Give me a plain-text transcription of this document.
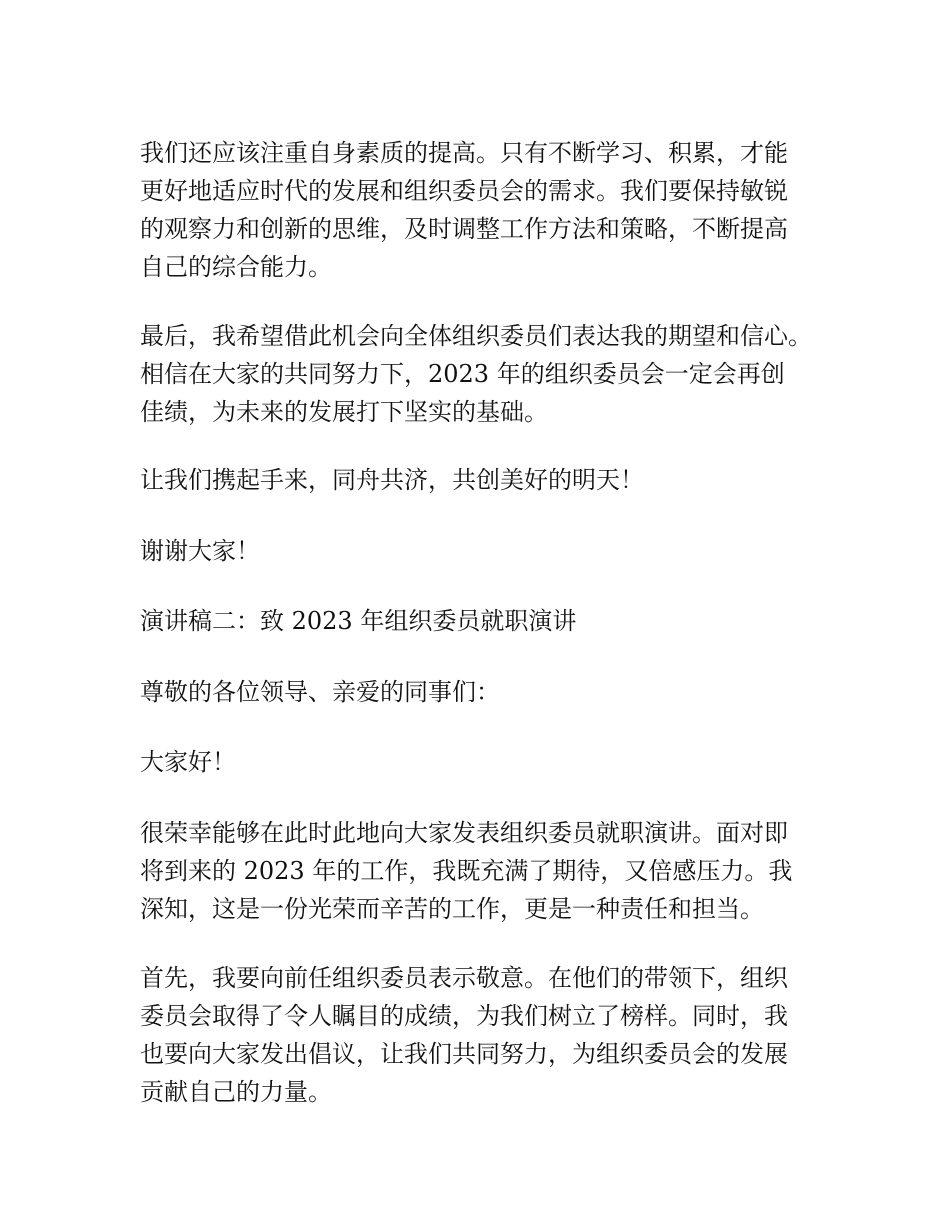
我们还应该注重自身素质的提高。只有不断学习、积累，才能
更好地适应时代的发展和组织委员会的需求。我们要保持敏锐
的观察力和创新的思维，及时调整工作方法和策略，不断提高
自己的综合能力。
最后，我希望借此机会向全体组织委员们表达我的期望和信心。
相信在大家的共同努力下，2023 年的组织委员会一定会再创
佳绩，为未来的发展打下坚实的基础。
让我们携起手来，同舟共济，共创美好的明天！
谢谢大家！
演讲稿二：致 2023 年组织委员就职演讲
尊敬的各位领导、亲爱的同事们：
大家好！
很荣幸能够在此时此地向大家发表组织委员就职演讲。面对即
将到来的 2023 年的工作，我既充满了期待，又倍感压力。我
深知，这是一份光荣而辛苦的工作，更是一种责任和担当。
首先，我要向前任组织委员表示敬意。在他们的带领下，组织
委员会取得了令人瞩目的成绩，为我们树立了榜样。同时，我
也要向大家发出倡议，让我们共同努力，为组织委员会的发展
贡献自己的力量。
